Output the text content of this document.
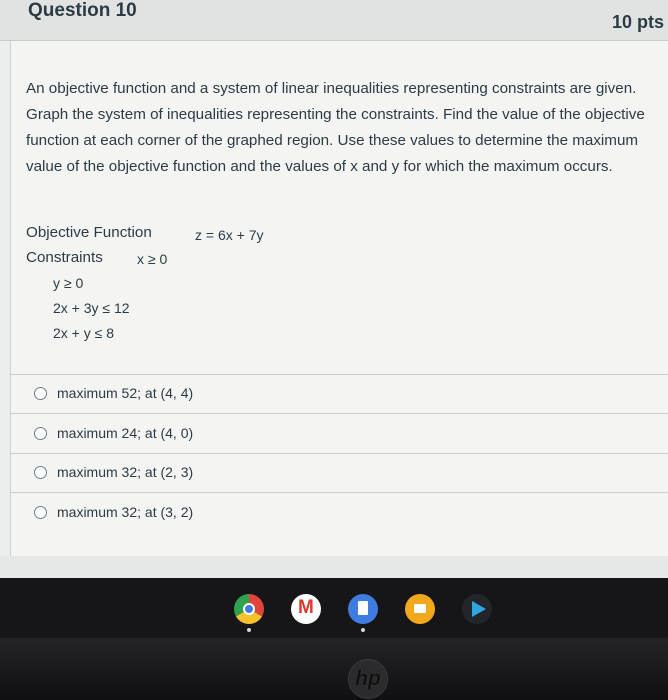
Question 10
10 pts
An objective function and a system of linear inequalities representing constraints are given. Graph the system of inequalities representing the constraints. Find the value of the objective function at each corner of the graphed region. Use these values to determine the maximum value of the objective function and the values of x and y for which the maximum occurs.
Objective Function	z = 6x + 7y
Constraints x ≥ 0
y ≥ 0
2x + 3y ≤ 12
2x + y ≤ 8
maximum 52; at (4, 4)
maximum 24; at (4, 0)
maximum 32; at (2, 3)
maximum 32; at (3, 2)
M
hp
